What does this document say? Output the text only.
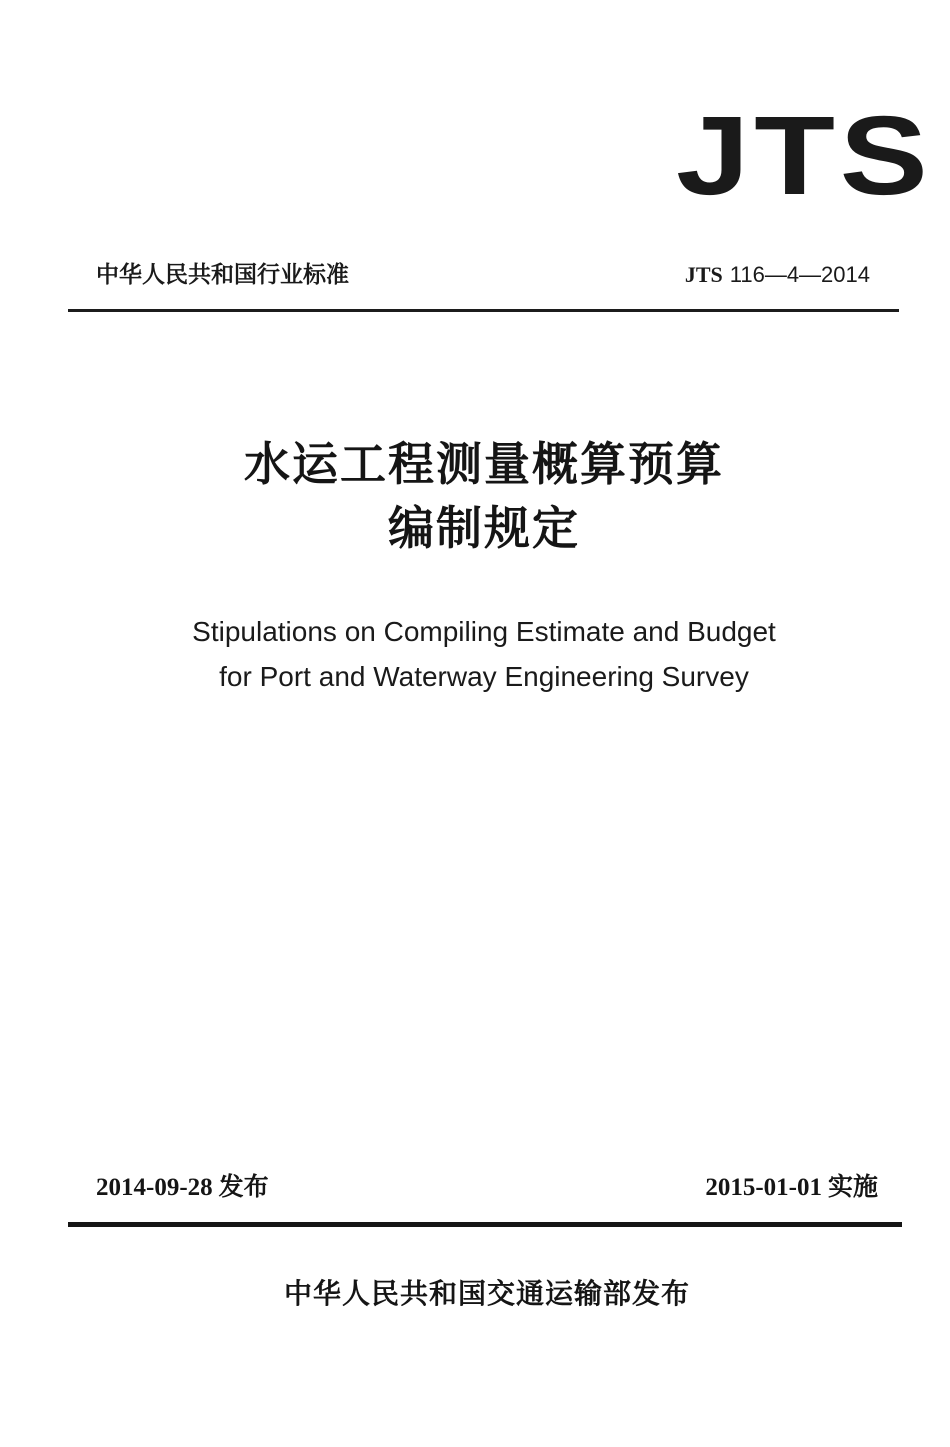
JTS
中华人民共和国行业标准	JTS 116—4—2014
水运工程测量概算预算
编制规定
Stipulations on Compiling Estimate and Budget
for Port and Waterway Engineering Survey
2014-09-28 发布	2015-01-01 实施
中华人民共和国交通运输部发布
